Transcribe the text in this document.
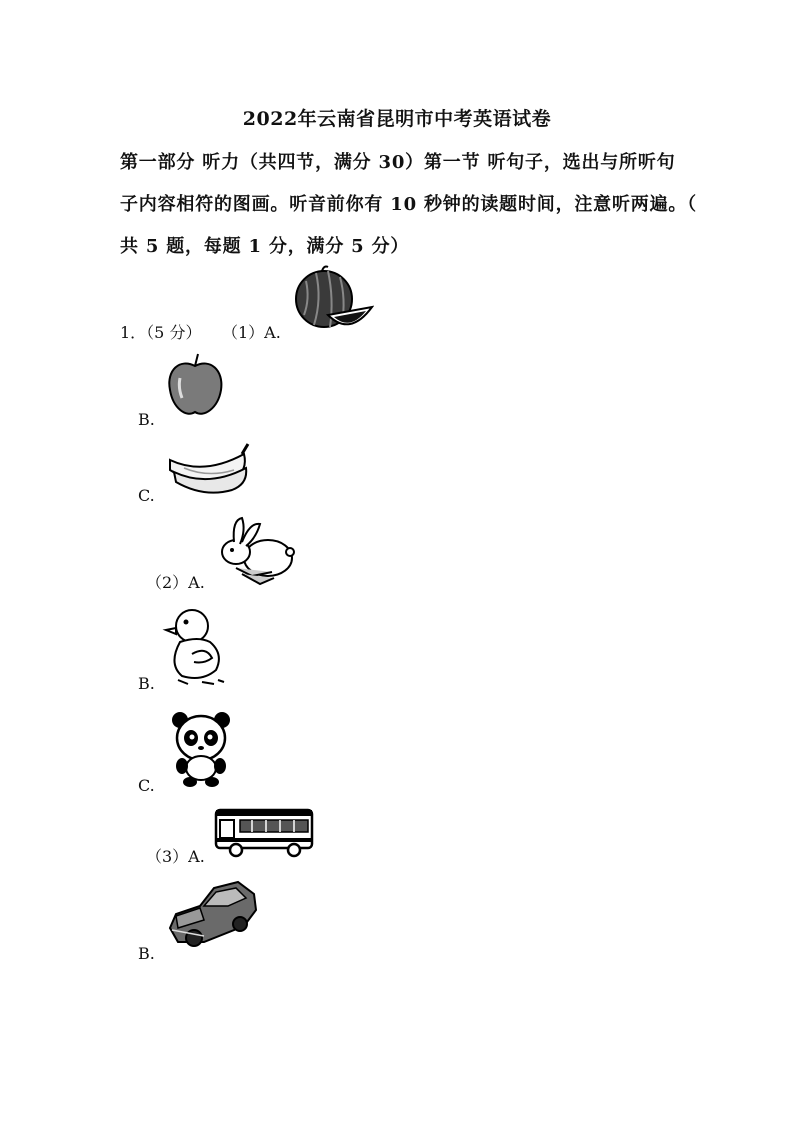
2022年云南省昆明市中考英语试卷
第一部分 听力（共四节，满分 30）第一节 听句子，选出与所听句
子内容相符的图画。听音前你有 10 秒钟的读题时间，注意听两遍。（
共 5 题，每题 1 分，满分 5 分）
1．（5 分） （1）A.
B.
C.
（2）A.
B.
C.
（3）A.
B.
